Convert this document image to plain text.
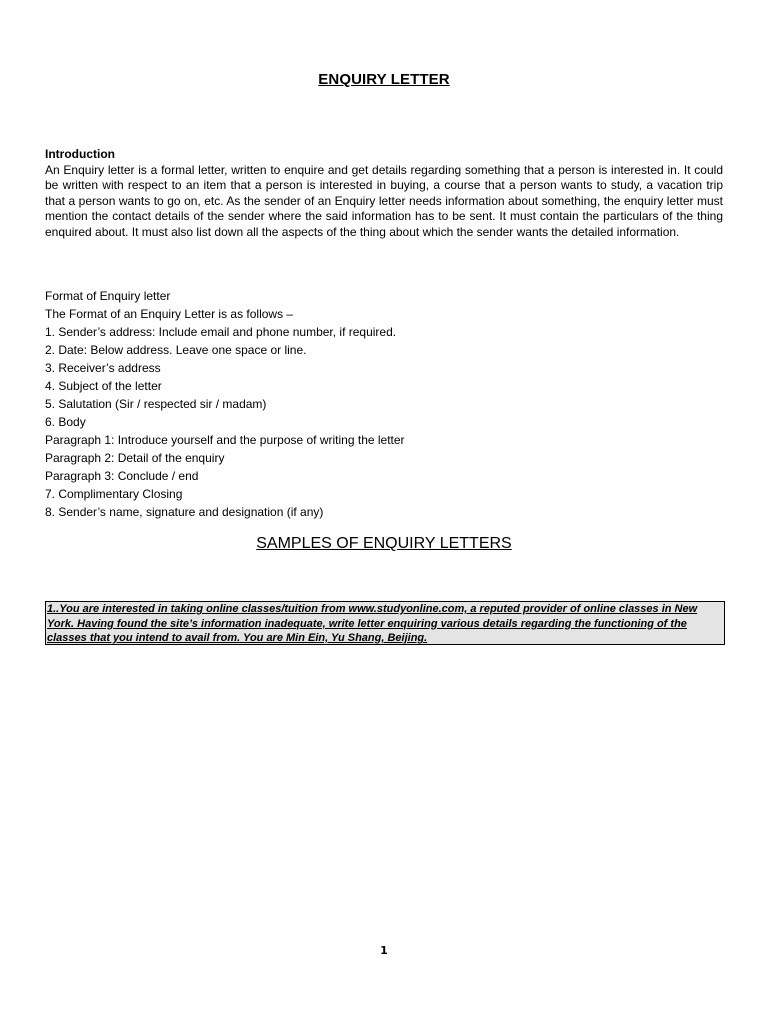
ENQUIRY LETTER
Introduction
An Enquiry letter is a formal letter, written to enquire and get details regarding something that a person is interested in. It could be written with respect to an item that a person is interested in buying, a course that a person wants to study, a vacation trip that a person wants to go on, etc. As the sender of an Enquiry letter needs information about something, the enquiry letter must mention the contact details of the sender where the said information has to be sent. It must contain the particulars of the thing enquired about. It must also list down all the aspects of the thing about which the sender wants the detailed information.
Format of Enquiry letter
The Format of an Enquiry Letter is as follows –
1. Sender’s address: Include email and phone number, if required.
2. Date: Below address. Leave one space or line.
3. Receiver’s address
4. Subject of the letter
5. Salutation (Sir / respected sir / madam)
6. Body
Paragraph 1: Introduce yourself and the purpose of writing the letter
Paragraph 2: Detail of the enquiry
Paragraph 3: Conclude / end
7. Complimentary Closing
8. Sender’s name, signature and designation (if any)
SAMPLES OF ENQUIRY LETTERS
1..You are interested in taking online classes/tuition from www.studyonline.com, a reputed provider of online classes in New York. Having found the site’s information inadequate, write letter enquiring various details regarding the functioning of the classes that you intend to avail from. You are Min Ein, Yu Shang, Beijing.
1
